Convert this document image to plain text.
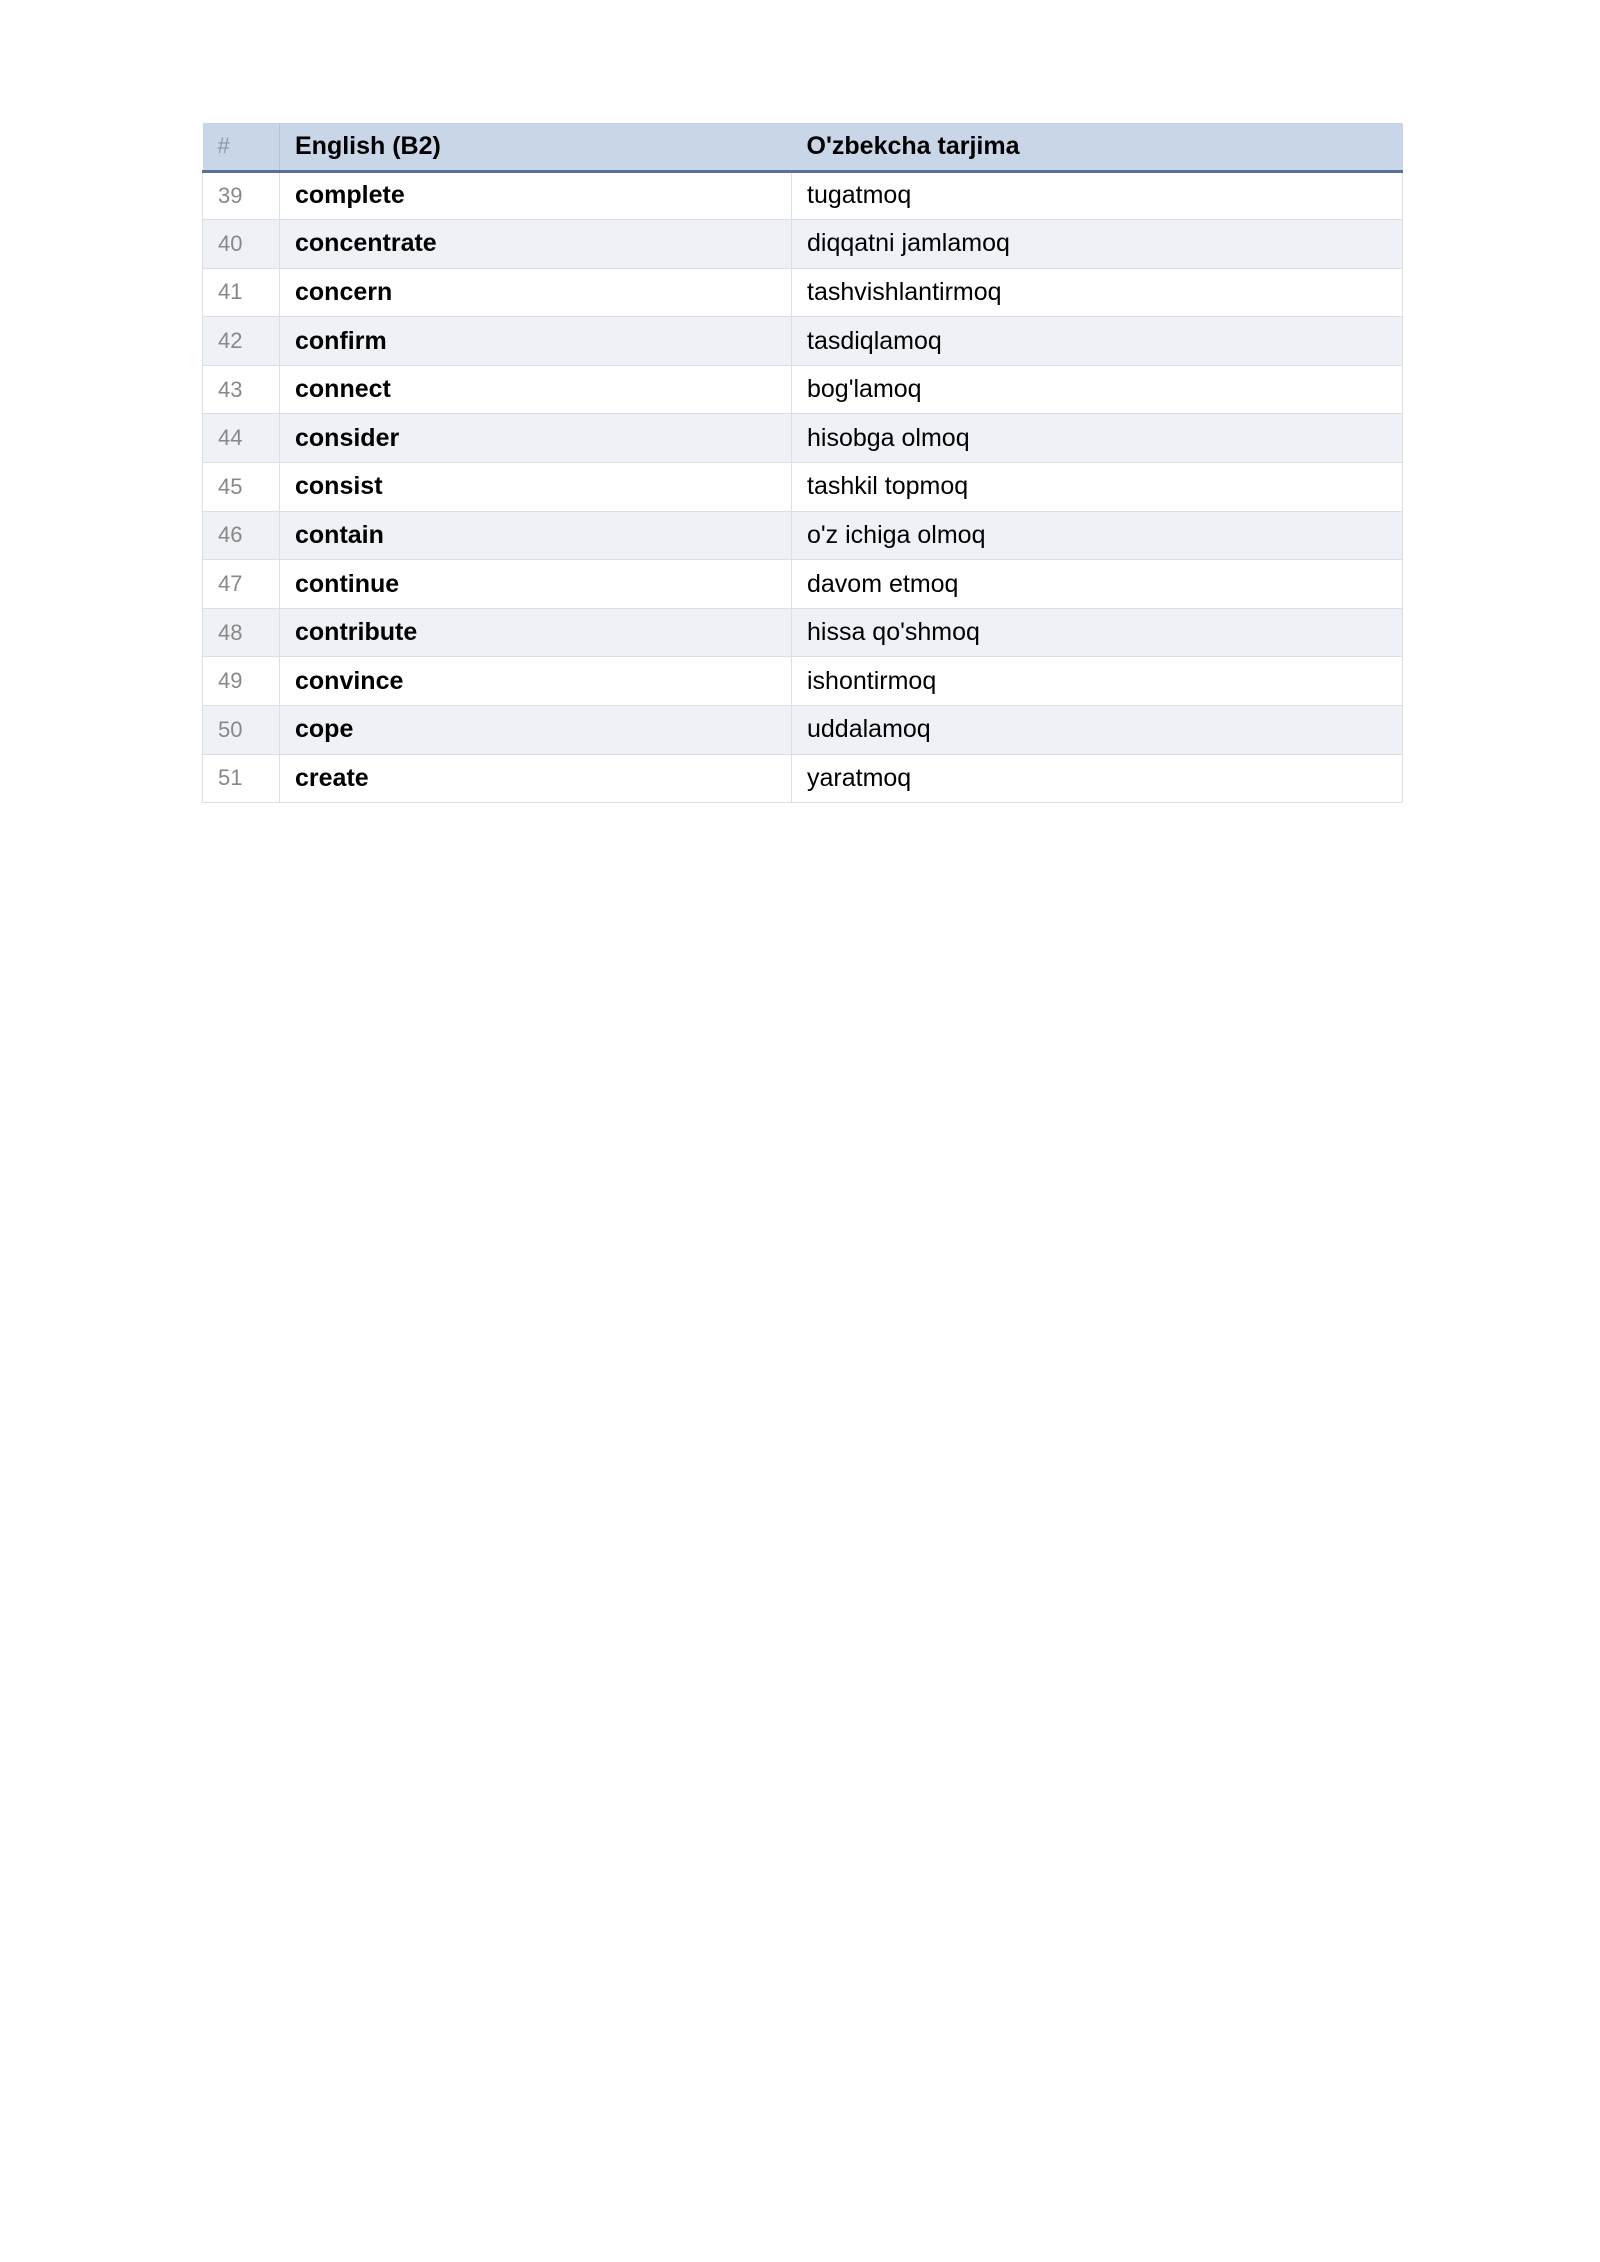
#	English (B2)	O'zbekcha tarjima
39	complete	tugatmoq
40	concentrate	diqqatni jamlamoq
41	concern	tashvishlantirmoq
42	confirm	tasdiqlamoq
43	connect	bog'lamoq
44	consider	hisobga olmoq
45	consist	tashkil topmoq
46	contain	o'z ichiga olmoq
47	continue	davom etmoq
48	contribute	hissa qo'shmoq
49	convince	ishontirmoq
50	cope	uddalamoq
51	create	yaratmoq
